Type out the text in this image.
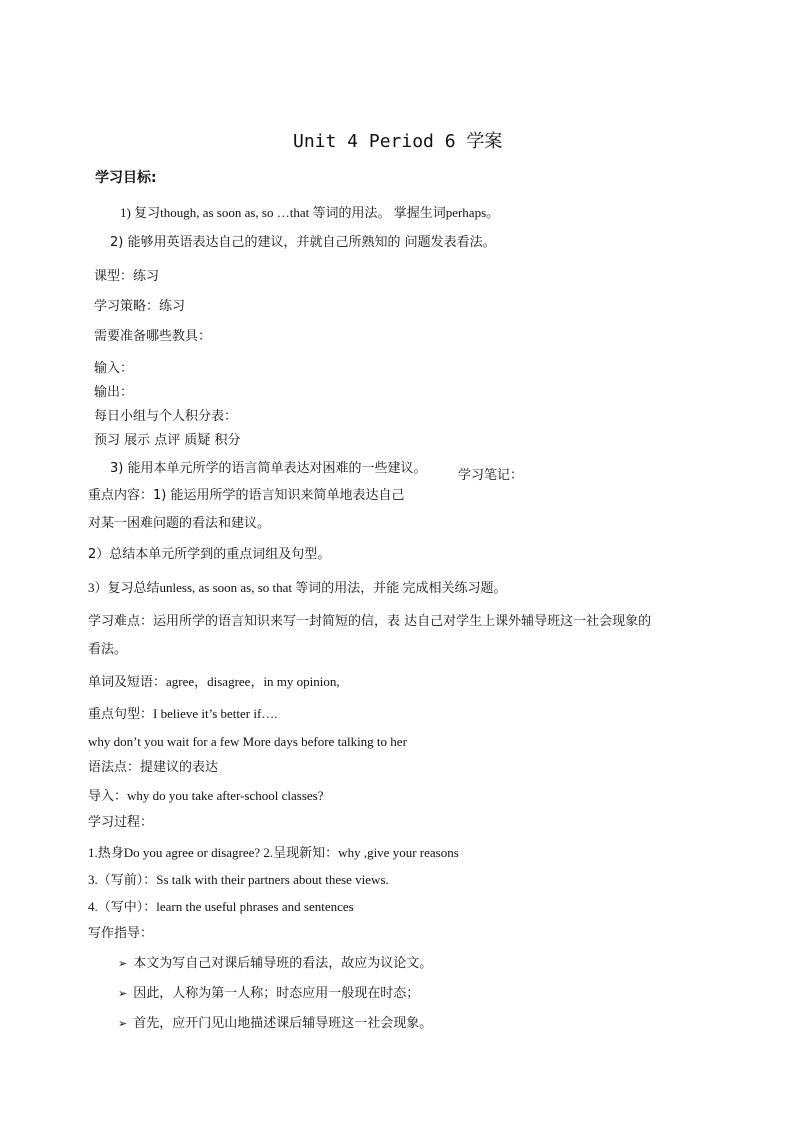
Unit 4 Period 6 学案
学习目标:
1) 复习though, as soon as, so …that 等词的用法。 掌握生词perhaps。
2) 能够用英语表达自己的建议，并就自己所熟知的 问题发表看法。
课型：练习
学习策略：练习
需要准备哪些教具：
输入：
输出：
每日小组与个人积分表：
预习 展示 点评 质疑 积分
3) 能用本单元所学的语言简单表达对困难的一些建议。 学习笔记：
重点内容：1) 能运用所学的语言知识来简单地表达自己
对某一困难问题的看法和建议。
2）总结本单元所学到的重点词组及句型。
3）复习总结unless, as soon as, so that 等词的用法，并能 完成相关练习题。
学习难点：运用所学的语言知识来写一封简短的信，表 达自己对学生上课外辅导班这一社会现象的
看法。
单词及短语：agree，disagree，in my opinion,
重点句型：I believe it’s better if….
why don’t you wait for a few More days before talking to her
语法点：提建议的表达
导入：why do you take after-school classes?
学习过程：
1.热身Do you agree or disagree? 2.呈现新知：why ,give your reasons
3.（写前）：Ss talk with their partners about these views.
4.（写中）：learn the useful phrases and sentences
写作指导：
➢ 本文为写自己对课后辅导班的看法，故应为议论文。
➢ 因此，人称为第一人称；时态应用一般现在时态；
➢ 首先，应开门见山地描述课后辅导班这一社会现象。
